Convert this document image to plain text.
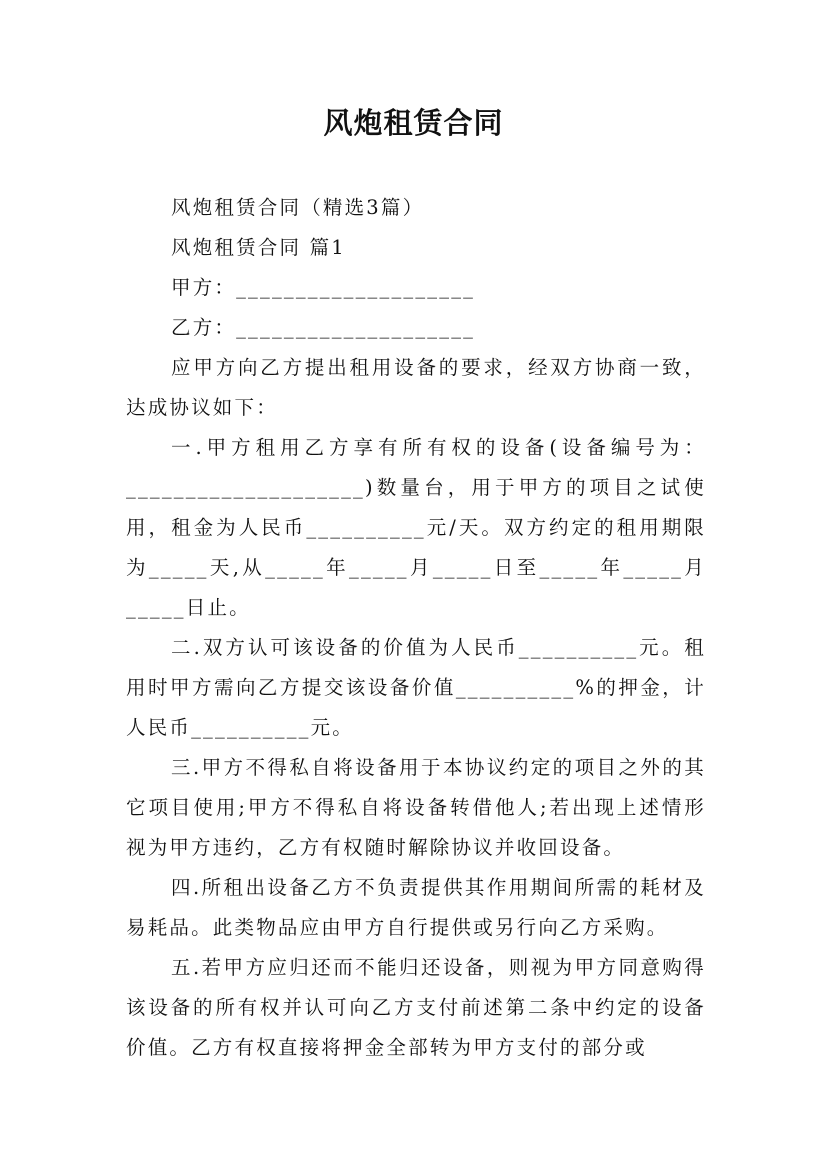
风炮租赁合同

风炮租赁合同（精选3篇）

风炮租赁合同 篇1

甲方：____________________

乙方：____________________

应甲方向乙方提出租用设备的要求，经双方协商一致，达成协议如下：

一.甲方租用乙方享有所有权的设备(设备编号为：____________________)数量台，用于甲方的项目之试使用，租金为人民币__________元/天。双方约定的租用期限为_____天,从_____年_____月_____日至_____年_____月_____日止。

二.双方认可该设备的价值为人民币__________元。租用时甲方需向乙方提交该设备价值__________%的押金，计人民币__________元。

三.甲方不得私自将设备用于本协议约定的项目之外的其它项目使用;甲方不得私自将设备转借他人;若出现上述情形视为甲方违约，乙方有权随时解除协议并收回设备。

四.所租出设备乙方不负责提供其作用期间所需的耗材及易耗品。此类物品应由甲方自行提供或另行向乙方采购。

五.若甲方应归还而不能归还设备，则视为甲方同意购得该设备的所有权并认可向乙方支付前述第二条中约定的设备价值。乙方有权直接将押金全部转为甲方支付的部分或
